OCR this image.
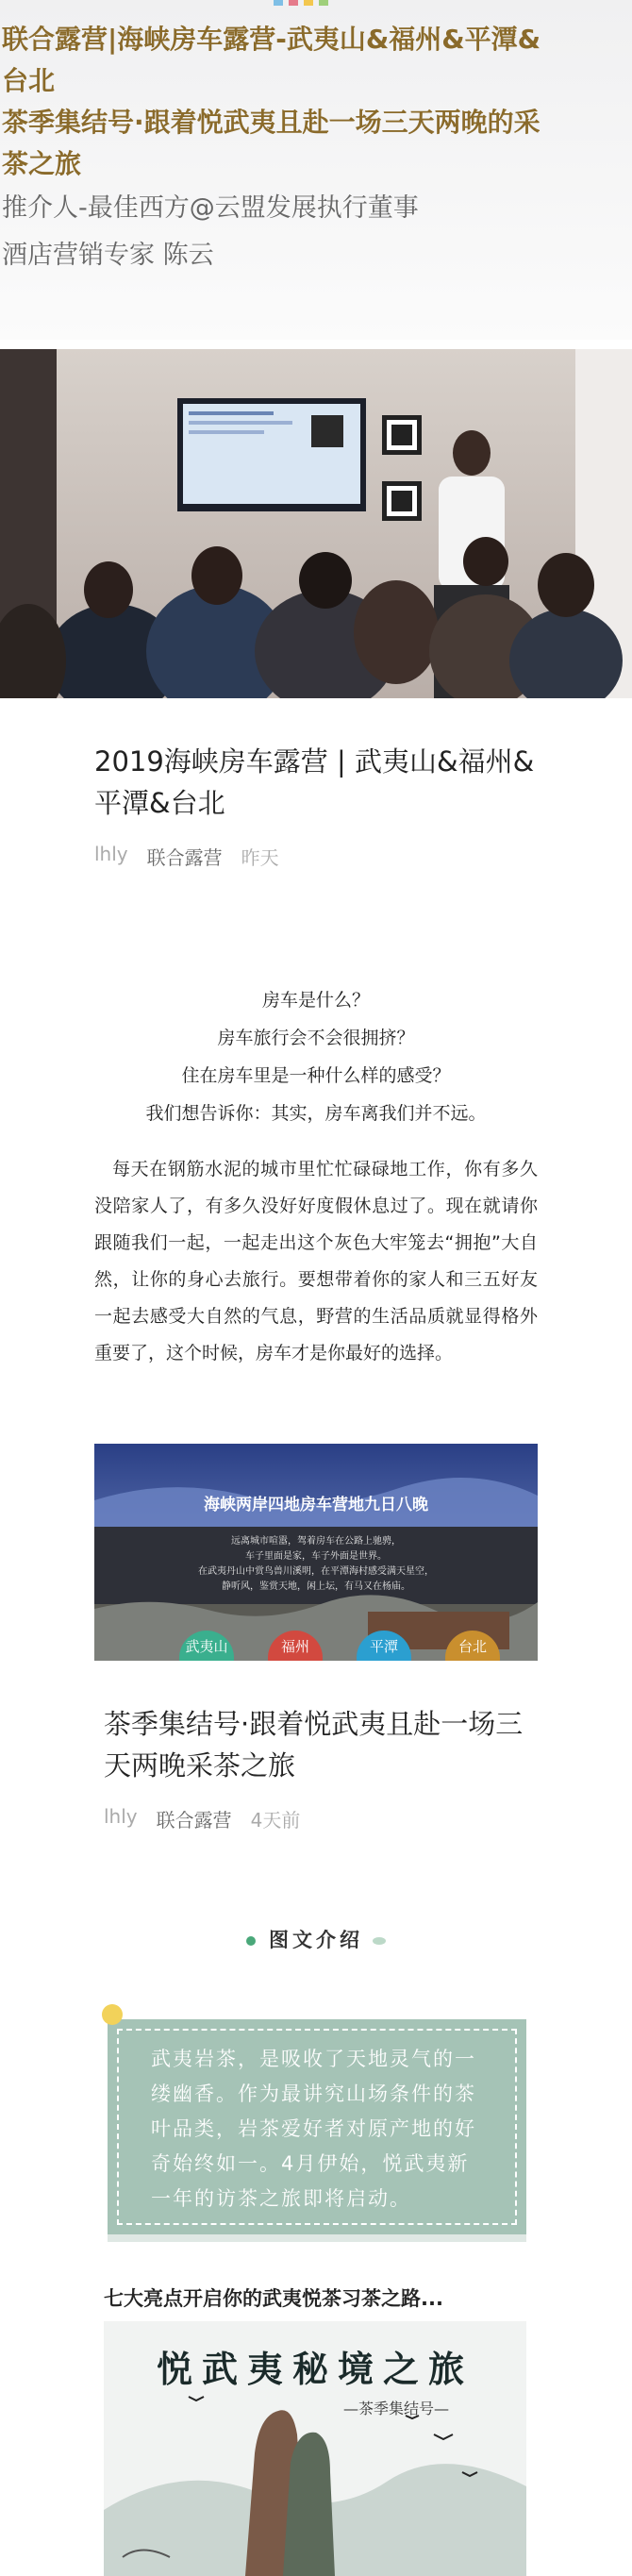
联合露营|海峡房车露营-武夷山&福州&平潭&
台北
茶季集结号·跟着悦武夷且赴一场三天两晚的采
茶之旅
推介人-最佳西方@云盟发展执行董事
酒店营销专家 陈云
2019海峡房车露营 | 武夷山&福州&平潭&台北
lhly 联合露营 昨天
房车是什么？
房车旅行会不会很拥挤？
住在房车里是一种什么样的感受？
我们想告诉你：其实，房车离我们并不远。
每天在钢筋水泥的城市里忙忙碌碌地工作，你有多久没陪家人了，有多久没好好度假休息过了。现在就请你跟随我们一起，一起走出这个灰色大牢笼去“拥抱”大自然，让你的身心去旅行。要想带着你的家人和三五好友一起去感受大自然的气息，野营的生活品质就显得格外重要了，这个时候，房车才是你最好的选择。
海峡两岸四地房车营地九日八晚
远离城市喧嚣，驾着房车在公路上驰骋，
车子里面是家，车子外面是世界。
在武夷丹山中赏鸟兽川溪明，在平潭海村感受满天星空，
静听风，鉴赏天地，闲上坛，有马又在杨庙。
武夷山	福州	平潭	台北
茶季集结号·跟着悦武夷且赴一场三天两晚采茶之旅
lhly 联合露营 4天前
图文介绍
武夷岩茶，是吸收了天地灵气的一缕幽香。作为最讲究山场条件的茶叶品类，岩茶爱好者对原产地的好奇始终如一。4月伊始，悦武夷新一年的访茶之旅即将启动。
七大亮点开启你的武夷悦茶习茶之路...
悦武夷秘境之旅
—茶季集结号—
